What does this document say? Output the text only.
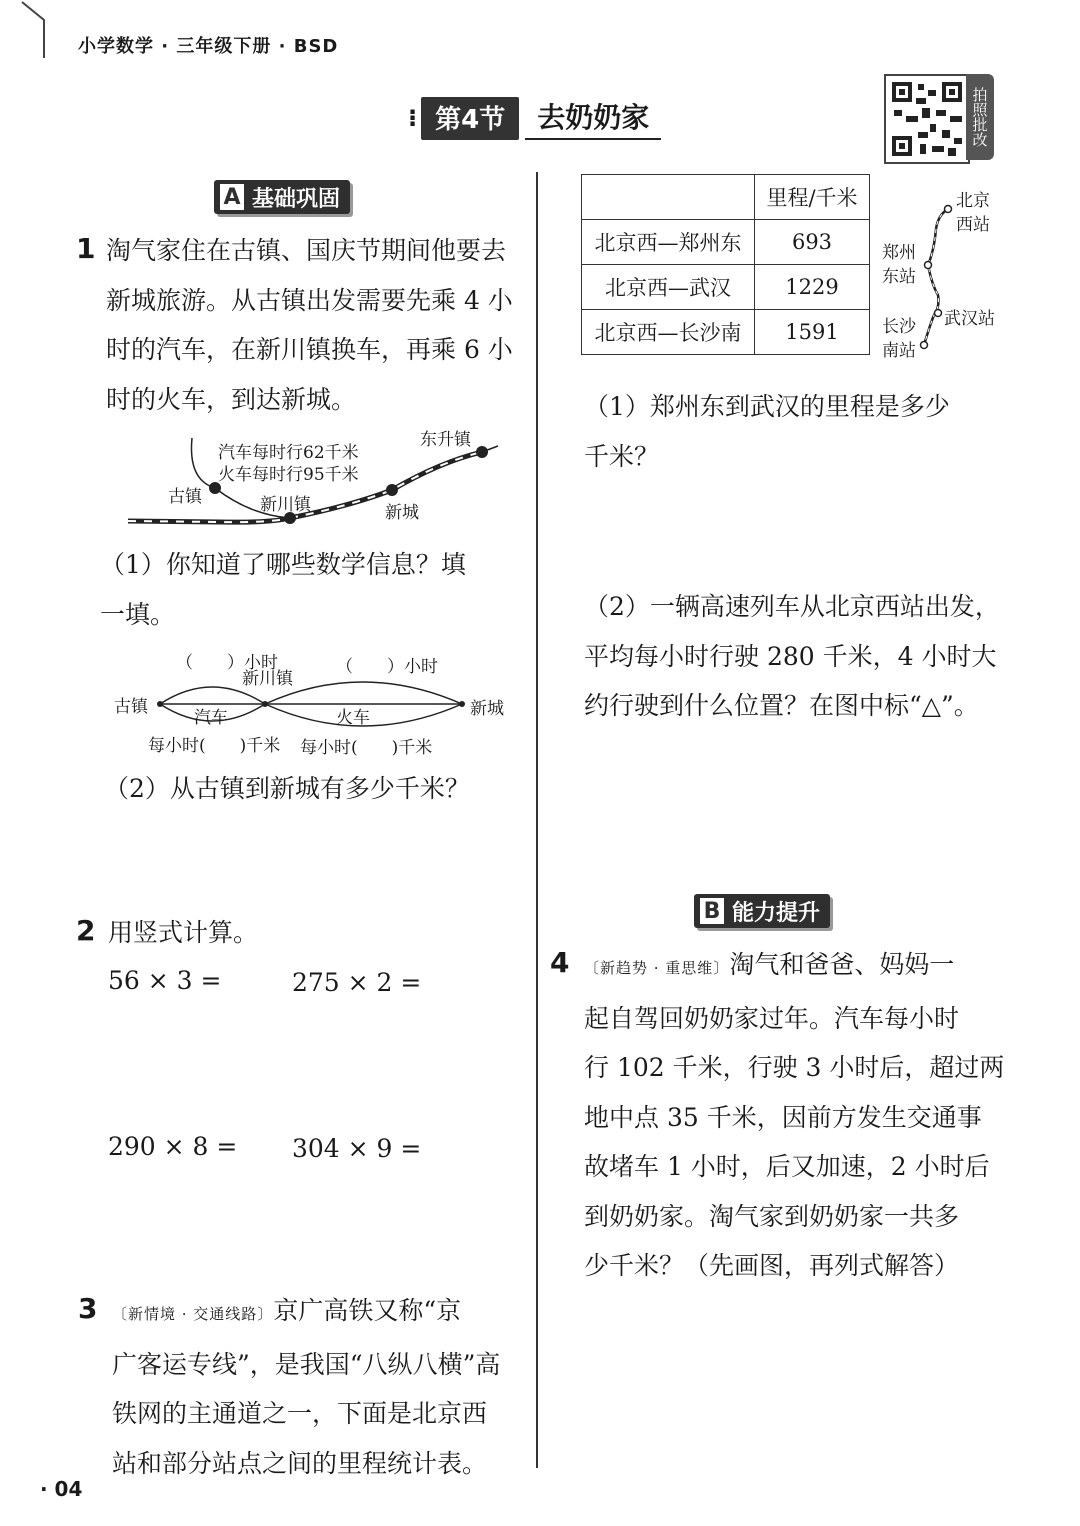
小学数学 · 三年级下册 · BSD
⁝ 第4节	去奶奶家	拍照批改
A 基础巩固
1 淘气家住在古镇、国庆节期间他要去
新城旅游。从古镇出发需要先乘 4 小
时的汽车，在新川镇换车，再乘 6 小
时的火车，到达新城。
汽车每时行62千米
火车每时行95千米
古镇	新川镇	新城
东升镇
（1）你知道了哪些数学信息？填
一填。
（　　）小时	（　　）小时
新川镇
古镇	新城
汽车	火车
每小时(　　)千米 每小时(　　)千米
（2）从古镇到新城有多少千米？
2 用竖式计算。
56 × 3 =	275 × 2 =
290 × 8 = 304 × 9 =
3 〔新情境 · 交通线路〕京广高铁又称“京
广客运专线”，是我国“八纵八横”高
铁网的主通道之一，下面是北京西
站和部分站点之间的里程统计表。
	里程/千米
北京西—郑州东	693
北京西—武汉	1229
北京西—长沙南	1591
北京
西站
郑州
东站
武汉站
长沙
南站
（1）郑州东到武汉的里程是多少
千米？
（2）一辆高速列车从北京西站出发，
平均每小时行驶 280 千米，4 小时大
约行驶到什么位置？在图中标“△”。
B 能力提升
4 〔新趋势 · 重思维〕淘气和爸爸、妈妈一
起自驾回奶奶家过年。汽车每小时
行 102 千米，行驶 3 小时后，超过两
地中点 35 千米，因前方发生交通事
故堵车 1 小时，后又加速，2 小时后
到奶奶家。淘气家到奶奶家一共多
少千米？（先画图，再列式解答）
· 04
